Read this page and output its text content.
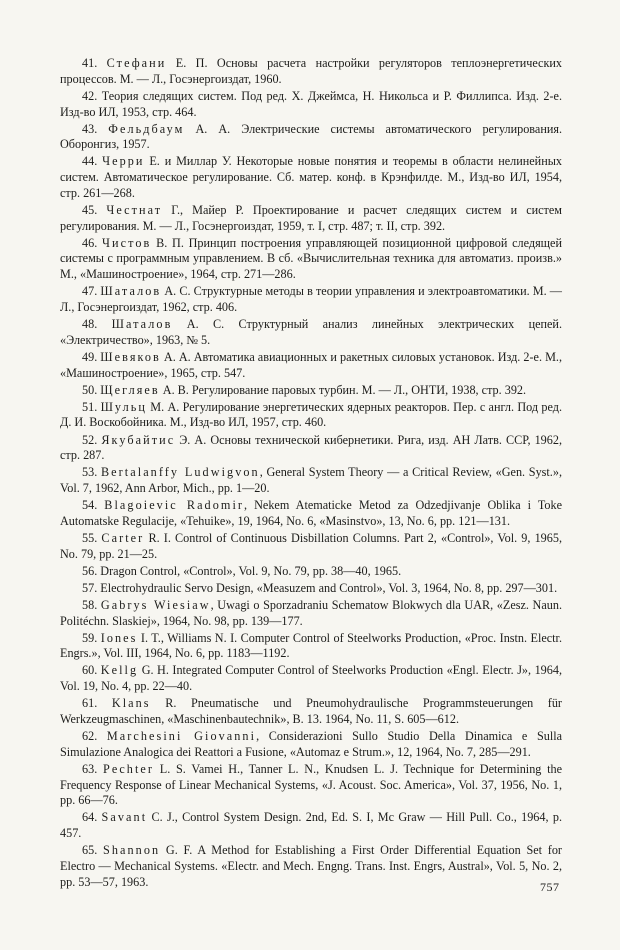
41. Стефани Е. П. Основы расчета настройки регуляторов теплоэнергетических процессов. М. — Л., Госэнергоиздат, 1960.

42. Теория следящих систем. Под ред. Х. Джеймса, Н. Никольса и Р. Филлипса. Изд. 2-е. Изд-во ИЛ, 1953, стр. 464.

43. Фельдбаум А. А. Электрические системы автоматического регулирования. Оборонгиз, 1957.

44. Черри Е. и Миллар У. Некоторые новые понятия и теоремы в области нелинейных систем. Автоматическое регулирование. Сб. матер. конф. в Крэнфилде. М., Изд-во ИЛ, 1954, стр. 261—268.

45. Честнат Г., Майер Р. Проектирование и расчет следящих систем и систем регулирования. М. — Л., Госэнергоиздат, 1959, т. I, стр. 487; т. II, стр. 392.

46. Чистов В. П. Принцип построения управляющей позиционной цифровой следящей системы с программным управлением. В сб. «Вычислительная техника для автоматиз. произв.» М., «Машиностроение», 1964, стр. 271—286.

47. Шаталов А. С. Структурные методы в теории управления и электроавтоматики. М. — Л., Госэнергоиздат, 1962, стр. 406.

48. Шаталов А. С. Структурный анализ линейных электрических цепей. «Электричество», 1963, № 5.

49. Шевяков А. А. Автоматика авиационных и ракетных силовых установок. Изд. 2-е. М., «Машиностроение», 1965, стр. 547.

50. Щегляев А. В. Регулирование паровых турбин. М. — Л., ОНТИ, 1938, стр. 392.

51. Шульц М. А. Регулирование энергетических ядерных реакторов. Пер. с англ. Под ред. Д. И. Воскобойника. М., Изд-во ИЛ, 1957, стр. 460.

52. Якубайтис Э. А. Основы технической кибернетики. Рига, изд. АН Латв. ССР, 1962, стр. 287.

53. Bertalanffy Ludwigvon, General System Theory — a Critical Review, «Gen. Syst.», Vol. 7, 1962, Ann Arbor, Mich., pp. 1—20.

54. Blagoievic Radomir, Nekem Atematicke Metod za Odzedjivanje Oblika i Toke Automatske Regulacije, «Tehuike», 19, 1964, No. 6, «Masinstvo», 13, No. 6, pp. 121—131.

55. Carter R. I. Control of Continuous Disbillation Columns. Part 2, «Control», Vol. 9, 1965, No. 79, pp. 21—25.

56. Dragon Control, «Control», Vol. 9, No. 79, pp. 38—40, 1965.

57. Electrohydraulic Servo Design, «Measuzem and Control», Vol. 3, 1964, No. 8, pp. 297—301.

58. Gabrys Wiesiaw, Uwagi o Sporzadraniu Schematow Blokwych dla UAR, «Zesz. Naun. Politéchn. Slaskiej», 1964, No. 98, pp. 139—177.

59. Iones I. T., Williams N. I. Computer Control of Steelworks Production, «Proc. Instn. Electr. Engrs.», Vol. III, 1964, No. 6, pp. 1183—1192.

60. Kellg G. H. Integrated Computer Control of Steelworks Production «Engl. Electr. J», 1964, Vol. 19, No. 4, pp. 22—40.

61. Klans R. Pneumatische und Pneumohydraulische Programmsteuerungen für Werkzeugmaschinen, «Maschinenbautechnik», B. 13. 1964, No. 11, S. 605—612.

62. Marchesini Giovanni, Considerazioni Sullo Studio Della Dinamica e Sulla Simulazione Analogica dei Reattori a Fusione, «Automaz e Strum.», 12, 1964, No. 7, 285—291.

63. Pechter L. S. Vamei H., Tanner L. N., Knudsen L. J. Technique for Determining the Frequency Response of Linear Mechanical Systems, «J. Acoust. Soc. America», Vol. 37, 1956, No. 1, pp. 66—76.

64. Savant C. J., Control System Design. 2nd, Ed. S. I, Mc Graw — Hill Pull. Co., 1964, p. 457.

65. Shannon G. F. A Method for Establishing a First Order Differential Equation Set for Electro — Mechanical Systems. «Electr. and Mech. Engng. Trans. Inst. Engrs, Austral», Vol. 5, No. 2, pp. 53—57, 1963.	757
